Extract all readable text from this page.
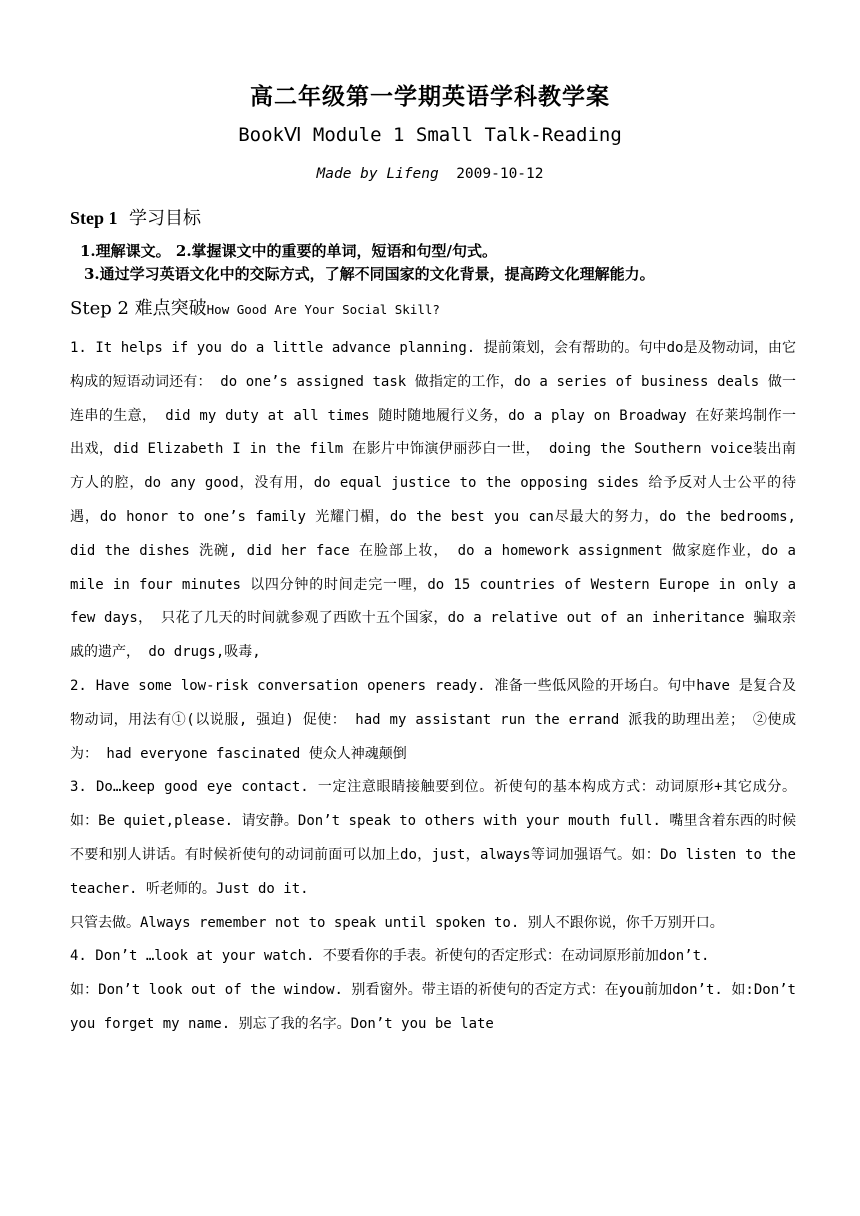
高二年级第一学期英语学科教学案
BookⅥ Module 1 Small Talk-Reading
Made by Lifeng 2009-10-12
Step 1 学习目标
1.理解课文。 2.掌握课文中的重要的单词，短语和句型/句式。
3.通过学习英语文化中的交际方式，了解不同国家的文化背景，提高跨文化理解能力。
Step 2 难点突破How Good Are Your Social Skill?

1. It helps if you do a little advance planning. 提前策划，会有帮助的。句中do是及物动词，由它构成的短语动词还有： do one’s assigned task 做指定的工作，do a series of business deals 做一连串的生意， did my duty at all times 随时随地履行义务，do a play on Broadway 在好莱坞制作一出戏，did Elizabeth I in the film 在影片中饰演伊丽莎白一世， doing the Southern voice装出南方人的腔，do any good，没有用，do equal justice to the opposing sides 给予反对人士公平的待遇，do honor to one’s family 光耀门楣，do the best you can尽最大的努力，do the bedrooms, did the dishes 洗碗, did her face 在脸部上妆， do a homework assignment 做家庭作业，do a mile in four minutes 以四分钟的时间走完一哩，do 15 countries of Western Europe in only a few days， 只花了几天的时间就参观了西欧十五个国家，do a relative out of an inheritance 骗取亲戚的遗产， do drugs,吸毒,

2. Have some low-risk conversation openers ready. 准备一些低风险的开场白。句中have 是复合及物动词，用法有①(以说服, 强迫) 促使： had my assistant run the errand 派我的助理出差； ②使成为： had everyone fascinated 使众人神魂颠倒

3. Do…keep good eye contact. 一定注意眼睛接触要到位。祈使句的基本构成方式：动词原形+其它成分。如：Be quiet,please. 请安静。Don’t speak to others with your mouth full. 嘴里含着东西的时候不要和别人讲话。有时候祈使句的动词前面可以加上do，just，always等词加强语气。如：Do listen to the teacher. 听老师的。Just do it.

只管去做。Always remember not to speak until spoken to. 别人不跟你说，你千万别开口。

4. Don’t …look at your watch. 不要看你的手表。祈使句的否定形式：在动词原形前加don’t.

如：Don’t look out of the window. 别看窗外。带主语的祈使句的否定方式：在you前加don’t. 如:Don’t you forget my name. 别忘了我的名字。Don’t you be late
